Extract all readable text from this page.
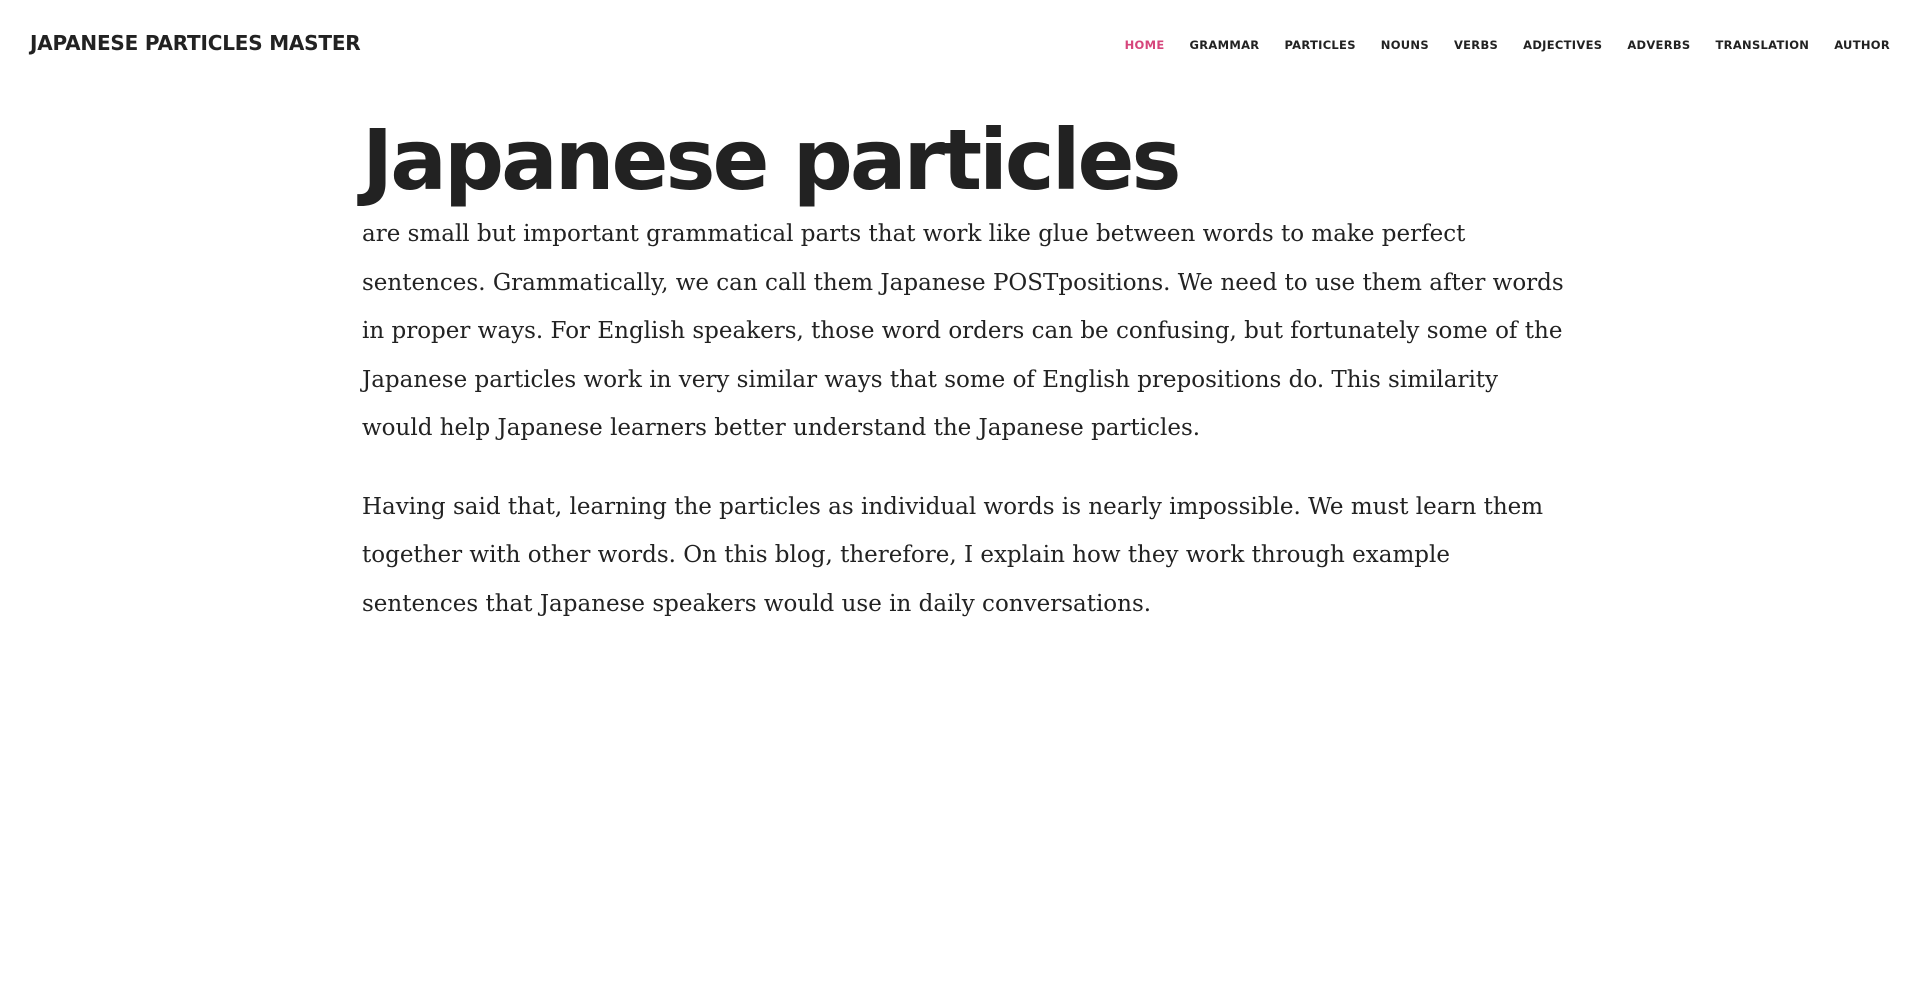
JAPANESE PARTICLES MASTER	HOME GRAMMAR PARTICLES NOUNS VERBS ADJECTIVES ADVERBS TRANSLATION AUTHOR
Japanese particles

are small but important grammatical parts that work like glue between words to make perfect sentences. Grammatically, we can call them Japanese POSTpositions. We need to use them after words in proper ways. For English speakers, those word orders can be confusing, but fortunately some of the Japanese particles work in very similar ways that some of English prepositions do. This similarity would help Japanese learners better understand the Japanese particles.

Having said that, learning the particles as individual words is nearly impossible. We must learn them together with other words. On this blog, therefore, I explain how they work through example sentences that Japanese speakers would use in daily conversations.
